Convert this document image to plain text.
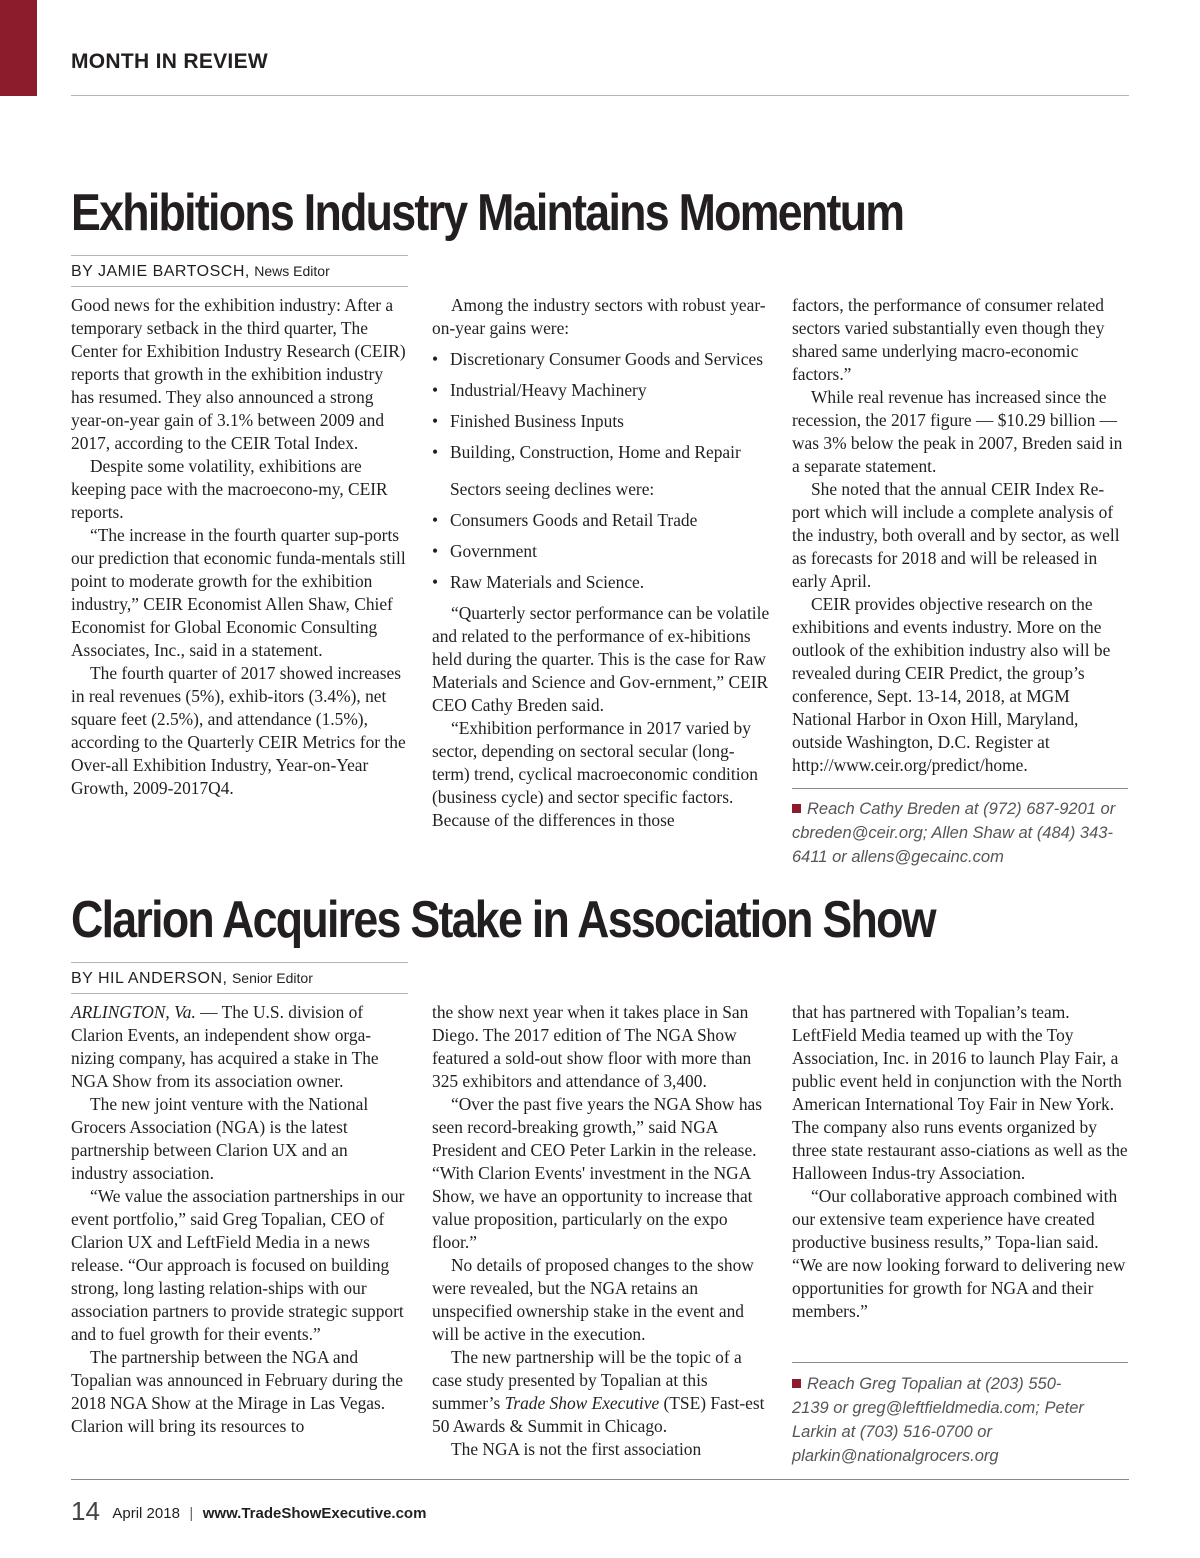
MONTH IN REVIEW
Exhibitions Industry Maintains Momentum
BY JAMIE BARTOSCH, News Editor

Good news for the exhibition industry: After a temporary setback in the third quarter, The Center for Exhibition Industry Research (CEIR) reports that growth in the exhibition industry has resumed. They also announced a strong year-on-year gain of 3.1% between 2009 and 2017, according to the CEIR Total Index.

Despite some volatility, exhibitions are keeping pace with the macroecono-my, CEIR reports.

“The increase in the fourth quarter sup-ports our prediction that economic funda-mentals still point to moderate growth for the exhibition industry,” CEIR Economist Allen Shaw, Chief Economist for Global Economic Consulting Associates, Inc., said in a statement.

The fourth quarter of 2017 showed increases in real revenues (5%), exhib-itors (3.4%), net square feet (2.5%), and attendance (1.5%), according to the Quarterly CEIR Metrics for the Over-all Exhibition Industry, Year-on-Year Growth, 2009-2017Q4.

Among the industry sectors with robust year-on-year gains were:

• Discretionary Consumer Goods and Services
• Industrial/Heavy Machinery
• Finished Business Inputs
• Building, Construction, Home and Repair

Sectors seeing declines were:

• Consumers Goods and Retail Trade
• Government
• Raw Materials and Science.

“Quarterly sector performance can be volatile and related to the performance of ex-hibitions held during the quarter. This is the case for Raw Materials and Science and Gov-ernment,” CEIR CEO Cathy Breden said.

“Exhibition performance in 2017 varied by sector, depending on sectoral secular (long-term) trend, cyclical macroeconomic condition (business cycle) and sector specific factors. Because of the differences in those

factors, the performance of consumer related sectors varied substantially even though they shared same underlying macro-economic factors.”

While real revenue has increased since the recession, the 2017 figure — $10.29 billion — was 3% below the peak in 2007, Breden said in a separate statement.

She noted that the annual CEIR Index Re-port which will include a complete analysis of the industry, both overall and by sector, as well as forecasts for 2018 and will be released in early April.

CEIR provides objective research on the exhibitions and events industry. More on the outlook of the exhibition industry also will be revealed during CEIR Predict, the group’s conference, Sept. 13-14, 2018, at MGM National Harbor in Oxon Hill, Maryland, outside Washington, D.C. Register at http://www.ceir.org/predict/home.

Reach Cathy Breden at (972) 687-9201 or cbreden@ceir.org; Allen Shaw at (484) 343-6411 or allens@gecainc.com
Clarion Acquires Stake in Association Show
BY HIL ANDERSON, Senior Editor

ARLINGTON, Va. — The U.S. division of Clarion Events, an independent show orga-nizing company, has acquired a stake in The NGA Show from its association owner.

The new joint venture with the National Grocers Association (NGA) is the latest partnership between Clarion UX and an industry association.

“We value the association partnerships in our event portfolio,” said Greg Topalian, CEO of Clarion UX and LeftField Media in a news release. “Our approach is focused on building strong, long lasting relation-ships with our association partners to provide strategic support and to fuel growth for their events.”

The partnership between the NGA and Topalian was announced in February during the 2018 NGA Show at the Mirage in Las Vegas. Clarion will bring its resources to

the show next year when it takes place in San Diego. The 2017 edition of The NGA Show featured a sold-out show floor with more than 325 exhibitors and attendance of 3,400.

“Over the past five years the NGA Show has seen record-breaking growth,” said NGA President and CEO Peter Larkin in the release. “With Clarion Events' investment in the NGA Show, we have an opportunity to increase that value proposition, particularly on the expo floor.”

No details of proposed changes to the show were revealed, but the NGA retains an unspecified ownership stake in the event and will be active in the execution.

The new partnership will be the topic of a case study presented by Topalian at this summer’s Trade Show Executive (TSE) Fast-est 50 Awards & Summit in Chicago.

The NGA is not the first association

that has partnered with Topalian’s team. LeftField Media teamed up with the Toy Association, Inc. in 2016 to launch Play Fair, a public event held in conjunction with the North American International Toy Fair in New York. The company also runs events organized by three state restaurant asso-ciations as well as the Halloween Indus-try Association.

“Our collaborative approach combined with our extensive team experience have created productive business results,” Topa-lian said. “We are now looking forward to delivering new opportunities for growth for NGA and their members.”

Reach Greg Topalian at (203) 550-2139 or greg@leftfieldmedia.com; Peter Larkin at (703) 516-0700 or plarkin@nationalgrocers.org
14 April 2018 | www.TradeShowExecutive.com
